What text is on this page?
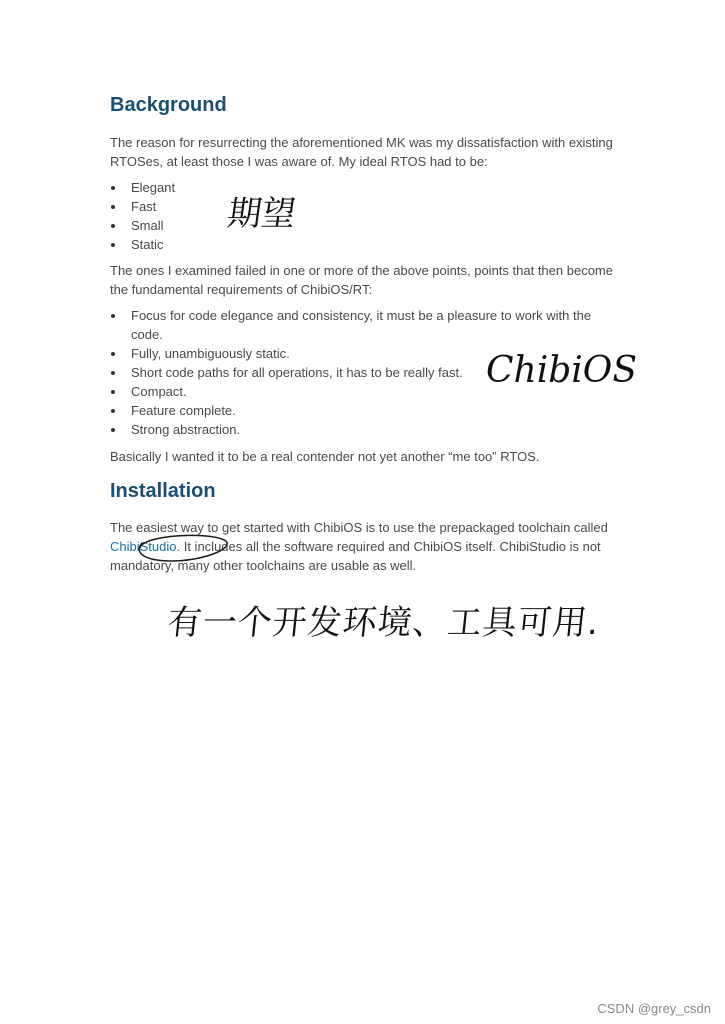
Background

The reason for resurrecting the aforementioned MK was my dissatisfaction with existing RTOSes, at least those I was aware of. My ideal RTOS had to be:

Elegant
Fast
Small
Static

The ones I examined failed in one or more of the above points, points that then become the fundamental requirements of ChibiOS/RT:

Focus for code elegance and consistency, it must be a pleasure to work with the code.
Fully, unambiguously static.
Short code paths for all operations, it has to be really fast.
Compact.
Feature complete.
Strong abstraction.

Basically I wanted it to be a real contender not yet another “me too” RTOS.

Installation

The easiest way to get started with ChibiOS is to use the prepackaged toolchain called ChibiStudio. It includes all the software required and ChibiOS itself. ChibiStudio is not mandatory, many other toolchains are usable as well.

期望
ChibiOS
有一个开发环境、工具可用.
CSDN @grey_csdn
